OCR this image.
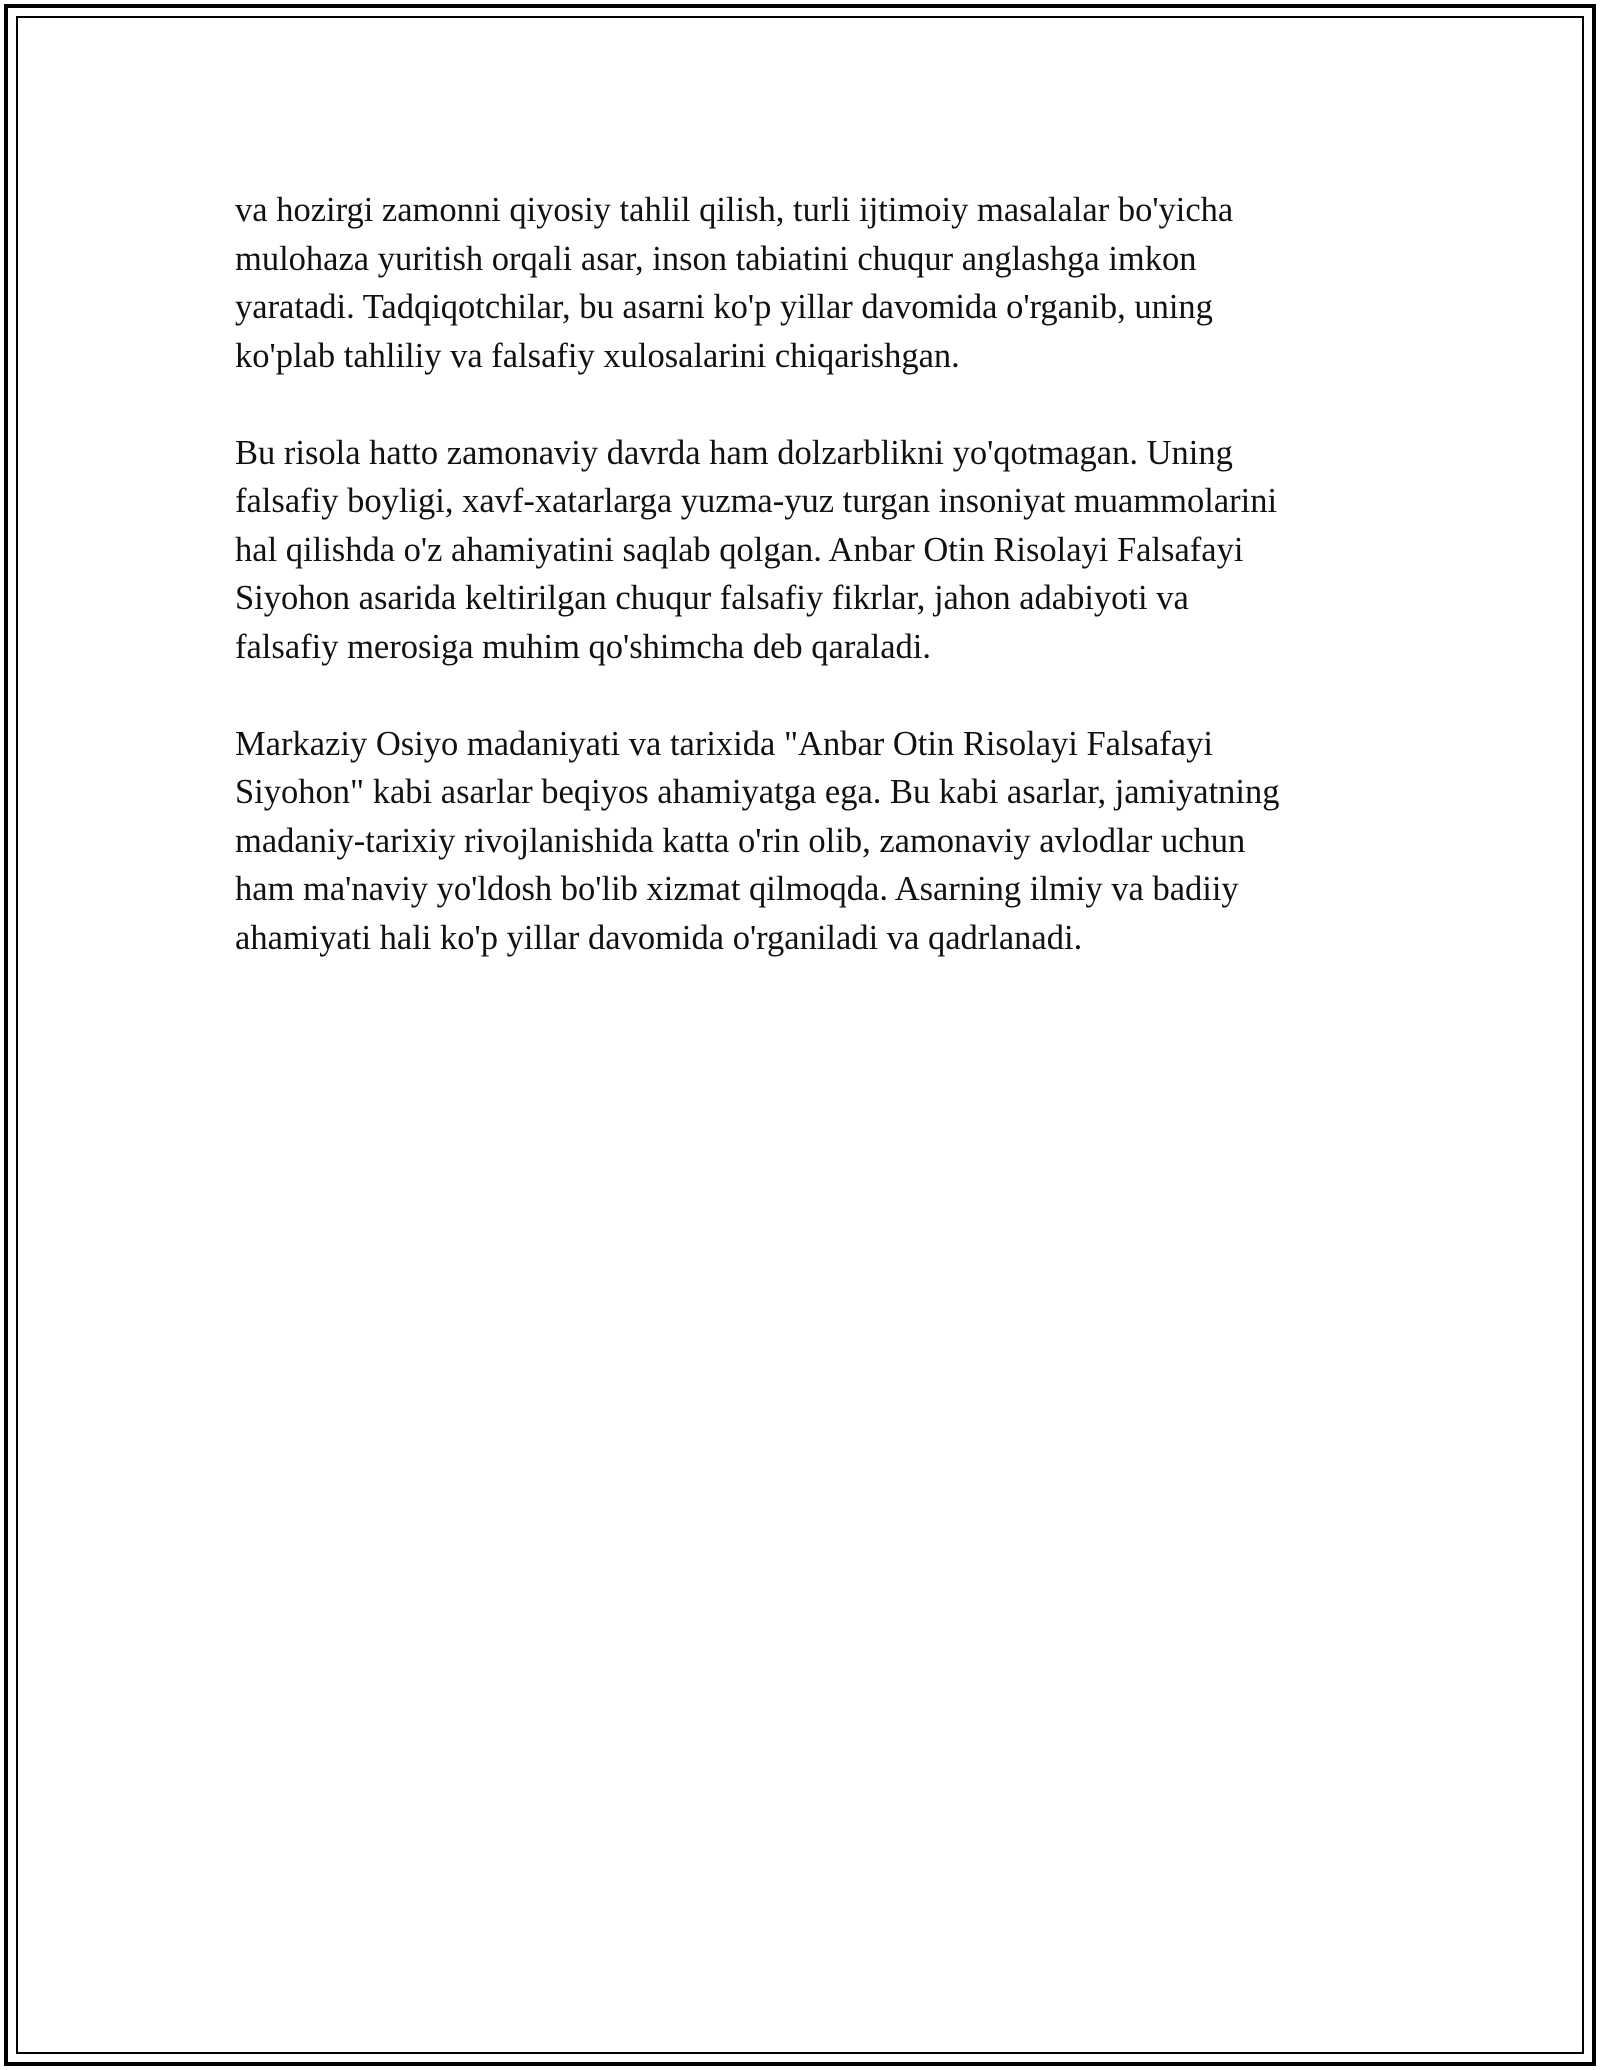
va hozirgi zamonni qiyosiy tahlil qilish, turli ijtimoiy masalalar bo'yicha
mulohaza yuritish orqali asar, inson tabiatini chuqur anglashga imkon
yaratadi. Tadqiqotchilar, bu asarni ko'p yillar davomida o'rganib, uning
ko'plab tahliliy va falsafiy xulosalarini chiqarishgan.

Bu risola hatto zamonaviy davrda ham dolzarblikni yo'qotmagan. Uning
falsafiy boyligi, xavf-xatarlarga yuzma-yuz turgan insoniyat muammolarini
hal qilishda o'z ahamiyatini saqlab qolgan. Anbar Otin Risolayi Falsafayi
Siyohon asarida keltirilgan chuqur falsafiy fikrlar, jahon adabiyoti va
falsafiy merosiga muhim qo'shimcha deb qaraladi.

Markaziy Osiyo madaniyati va tarixida "Anbar Otin Risolayi Falsafayi
Siyohon" kabi asarlar beqiyos ahamiyatga ega. Bu kabi asarlar, jamiyatning
madaniy-tarixiy rivojlanishida katta o'rin olib, zamonaviy avlodlar uchun
ham ma'naviy yo'ldosh bo'lib xizmat qilmoqda. Asarning ilmiy va badiiy
ahamiyati hali ko'p yillar davomida o'rganiladi va qadrlanadi.
